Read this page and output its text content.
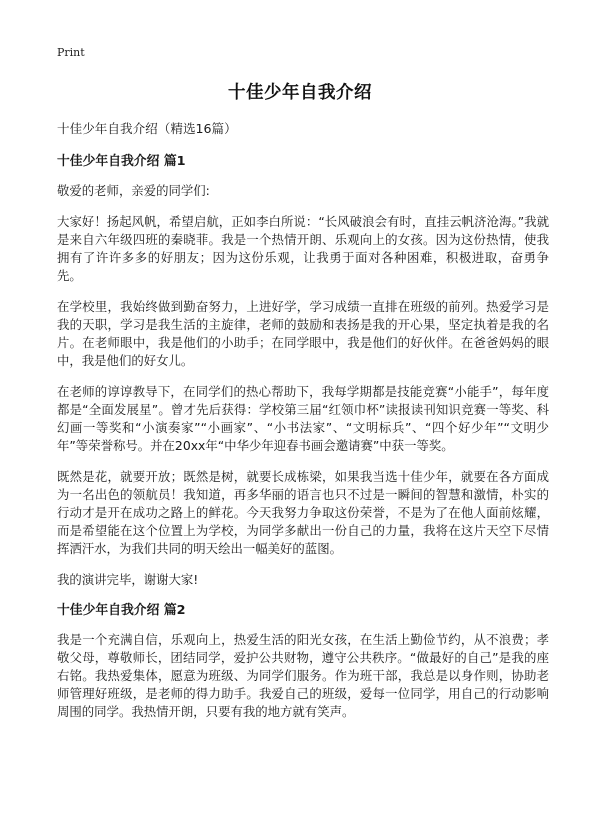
Print
十佳少年自我介绍
十佳少年自我介绍（精选16篇）
十佳少年自我介绍 篇1
敬爱的老师，亲爱的同学们:
大家好！扬起风帆，希望启航，正如李白所说：“长风破浪会有时，直挂云帆济沧海。”我就是来自六年级四班的秦晓菲。我是一个热情开朗、乐观向上的女孩。因为这份热情，使我拥有了许许多多的好朋友；因为这份乐观，让我勇于面对各种困难，积极进取，奋勇争先。
在学校里，我始终做到勤奋努力，上进好学，学习成绩一直排在班级的前列。热爱学习是我的天职，学习是我生活的主旋律，老师的鼓励和表扬是我的开心果，坚定执着是我的名片。在老师眼中，我是他们的小助手；在同学眼中，我是他们的好伙伴。在爸爸妈妈的眼中，我是他们的好女儿。
在老师的谆谆教导下，在同学们的热心帮助下，我每学期都是技能竞赛“小能手”，每年度都是“全面发展星”。曾才先后获得：学校第三届“红领巾杯”读报读刊知识竞赛一等奖、科幻画一等奖和“小演奏家”“小画家”、“小书法家”、“文明标兵”、“四个好少年”“文明少年”等荣誉称号。并在20xx年“中华少年迎春书画会邀请赛”中获一等奖。
既然是花，就要开放；既然是树，就要长成栋梁，如果我当选十佳少年，就要在各方面成为一名出色的领航员！我知道，再多华丽的语言也只不过是一瞬间的智慧和激情，朴实的行动才是开在成功之路上的鲜花。今天我努力争取这份荣誉，不是为了在他人面前炫耀，而是希望能在这个位置上为学校，为同学多献出一份自己的力量，我将在这片天空下尽情挥洒汗水，为我们共同的明天绘出一幅美好的蓝图。
我的演讲完毕，谢谢大家!
十佳少年自我介绍 篇2
我是一个充满自信，乐观向上，热爱生活的阳光女孩，在生活上勤俭节约，从不浪费；孝敬父母，尊敬师长，团结同学，爱护公共财物，遵守公共秩序。“做最好的自己”是我的座右铭。我热爱集体，愿意为班级、为同学们服务。作为班干部，我总是以身作则，协助老师管理好班级，是老师的得力助手。我爱自己的班级，爱每一位同学，用自己的行动影响周围的同学。我热情开朗，只要有我的地方就有笑声。
